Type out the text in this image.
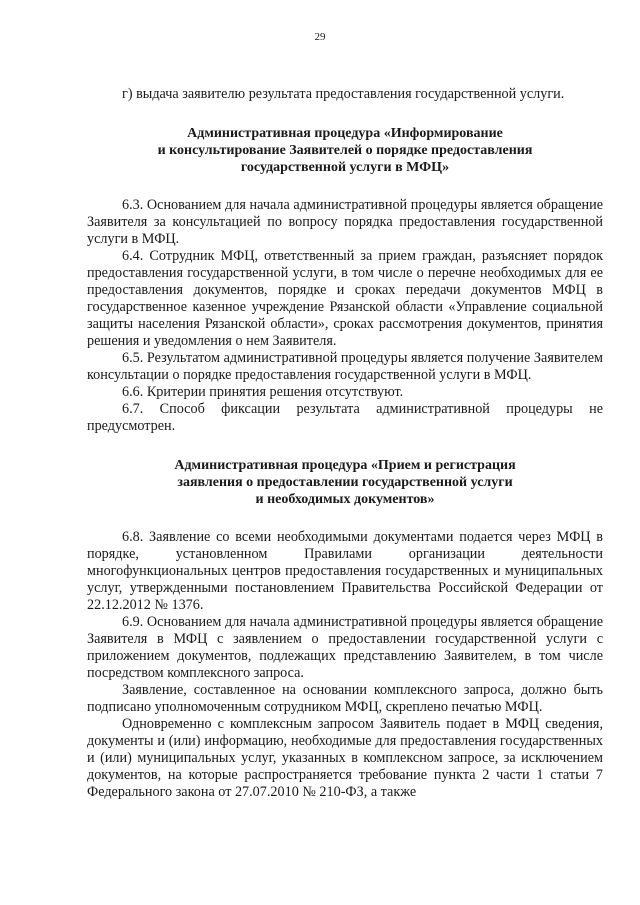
29

г) выдача заявителю результата предоставления государственной услуги.

Административная процедура «Информирование
и консультирование Заявителей о порядке предоставления
государственной услуги в МФЦ»

6.3. Основанием для начала административной процедуры является обращение Заявителя за консультацией по вопросу порядка предоставления государственной услуги в МФЦ.

6.4. Сотрудник МФЦ, ответственный за прием граждан, разъясняет порядок предоставления государственной услуги, в том числе о перечне необходимых для ее предоставления документов, порядке и сроках передачи документов МФЦ в государственное казенное учреждение Рязанской области «Управление социальной защиты населения Рязанской области», сроках рассмотрения документов, принятия решения и уведомления о нем Заявителя.

6.5. Результатом административной процедуры является получение Заявителем консультации о порядке предоставления государственной услуги в МФЦ.

6.6. Критерии принятия решения отсутствуют.

6.7. Способ фиксации результата административной процедуры не предусмотрен.

Административная процедура «Прием и регистрация
заявления о предоставлении государственной услуги
и необходимых документов»

6.8. Заявление со всеми необходимыми документами подается через МФЦ в порядке, установленном Правилами организации деятельности многофункциональных центров предоставления государственных и муниципальных услуг, утвержденными постановлением Правительства Российской Федерации от 22.12.2012 № 1376.

6.9. Основанием для начала административной процедуры является обращение Заявителя в МФЦ с заявлением о предоставлении государственной услуги с приложением документов, подлежащих представлению Заявителем, в том числе посредством комплексного запроса.

Заявление, составленное на основании комплексного запроса, должно быть подписано уполномоченным сотрудником МФЦ, скреплено печатью МФЦ.

Одновременно с комплексным запросом Заявитель подает в МФЦ сведения, документы и (или) информацию, необходимые для предоставления государственных и (или) муниципальных услуг, указанных в комплексном запросе, за исключением документов, на которые распространяется требование пункта 2 части 1 статьи 7 Федерального закона от 27.07.2010 № 210-ФЗ, а также
